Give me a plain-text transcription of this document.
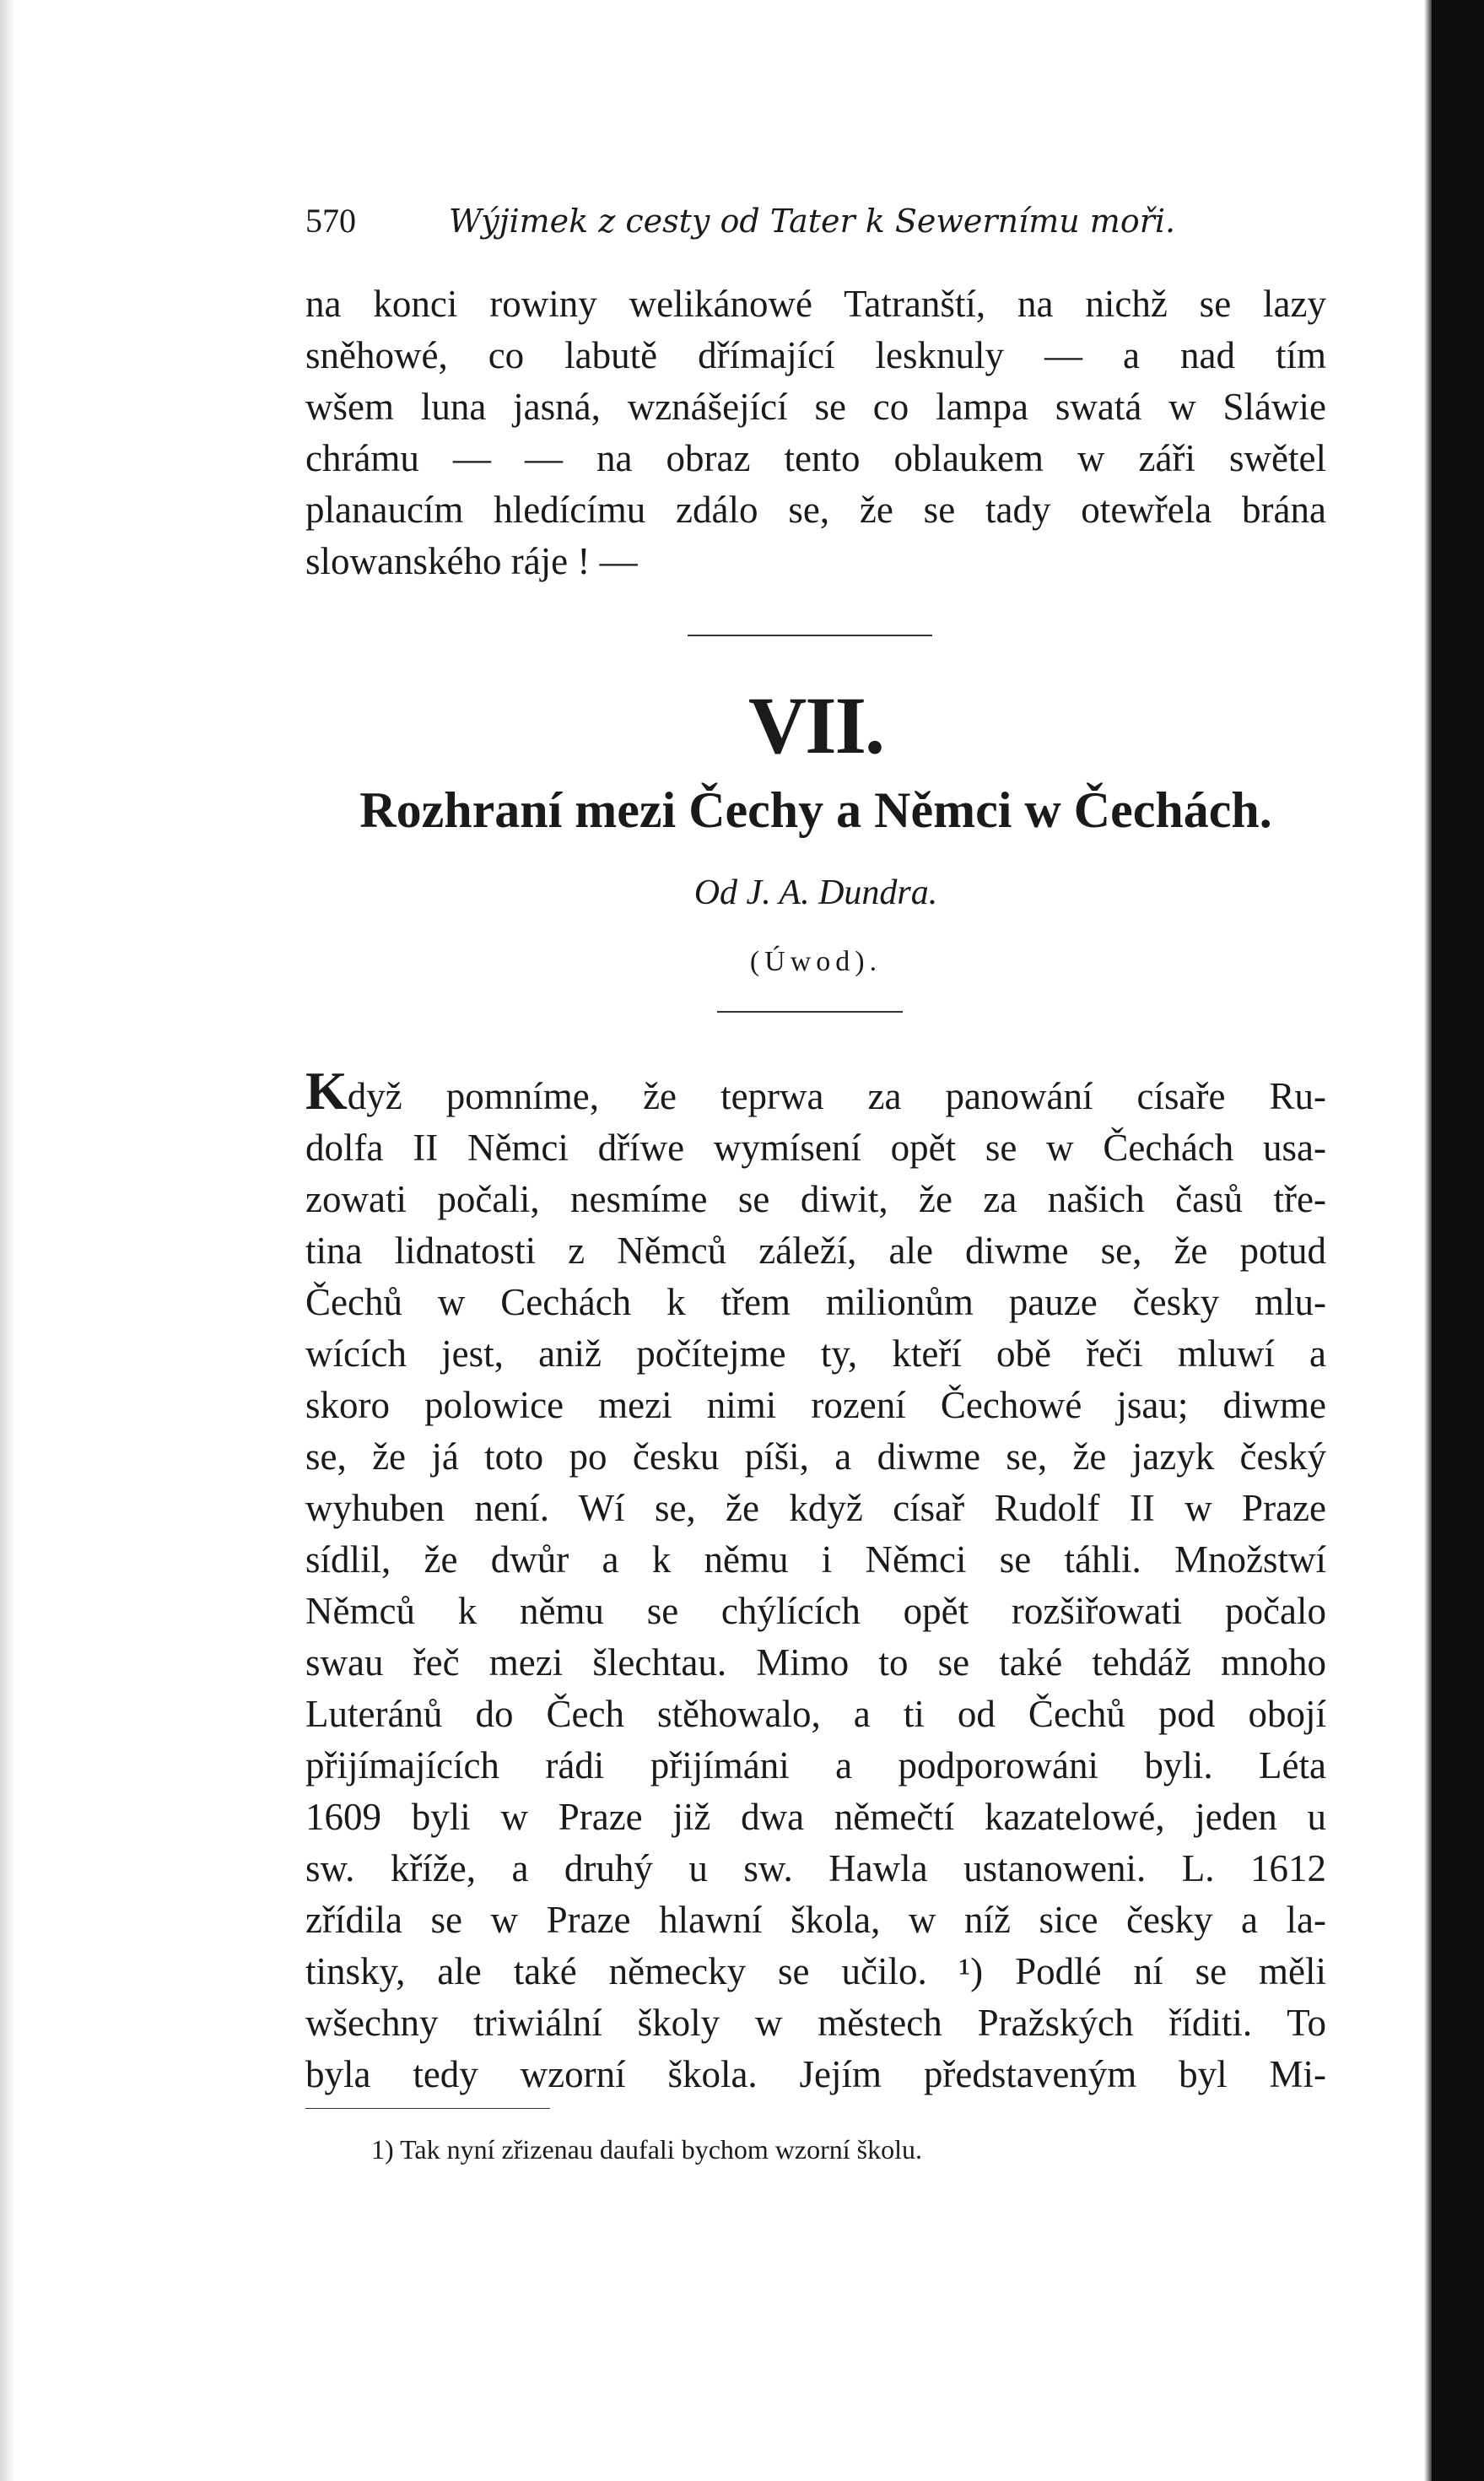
570	Wýjimek z cesty od Tater k Sewernímu moři.

na konci rowiny welikánowé Tatranští, na nichž se lazy

sněhowé, co labutě dřímající lesknuly — a nad tím

wšem luna jasná, wznášející se co lampa swatá w Sláwie

chrámu — — na obraz tento oblaukem w záři swětel

planaucím hledícímu zdálo se, že se tady otewřela brána

slowanského ráje ! —

VII.
Rozhraní mezi Čechy a Němci w Čechách.
Od J. A. Dundra.
(Úwod).

Když pomníme, že teprwa za panowání císaře Ru-

dolfa II Němci dříwe wymísení opět se w Čechách usa-

zowati počali, nesmíme se diwit, že za našich časů tře-

tina lidnatosti z Němců záleží, ale diwme se, že potud

Čechů w Cechách k třem milionům pauze česky mlu-

wících jest, aniž počítejme ty, kteří obě řeči mluwí a

skoro polowice mezi nimi rození Čechowé jsau; diwme

se, že já toto po česku píši, a diwme se, že jazyk český

wyhuben není. Wí se, že když císař Rudolf II w Praze

sídlil, že dwůr a k němu i Němci se táhli. Množstwí

Němců k němu se chýlících opět rozšiřowati počalo

swau řeč mezi šlechtau. Mimo to se také tehdáž mnoho

Luteránů do Čech stěhowalo, a ti od Čechů pod obojí

přijímajících rádi přijímáni a podporowáni byli. Léta

1609 byli w Praze již dwa němečtí kazatelowé, jeden u

sw. kříže, a druhý u sw. Hawla ustanoweni. L. 1612

zřídila se w Praze hlawní škola, w níž sice česky a la-

tinsky, ale také německy se učilo. ¹) Podlé ní se měli

wšechny triwiální školy w městech Pražských říditi. To

byla tedy wzorní škola. Jejím představeným byl Mi-

1) Tak nyní zřizenau daufali bychom wzorní školu.
